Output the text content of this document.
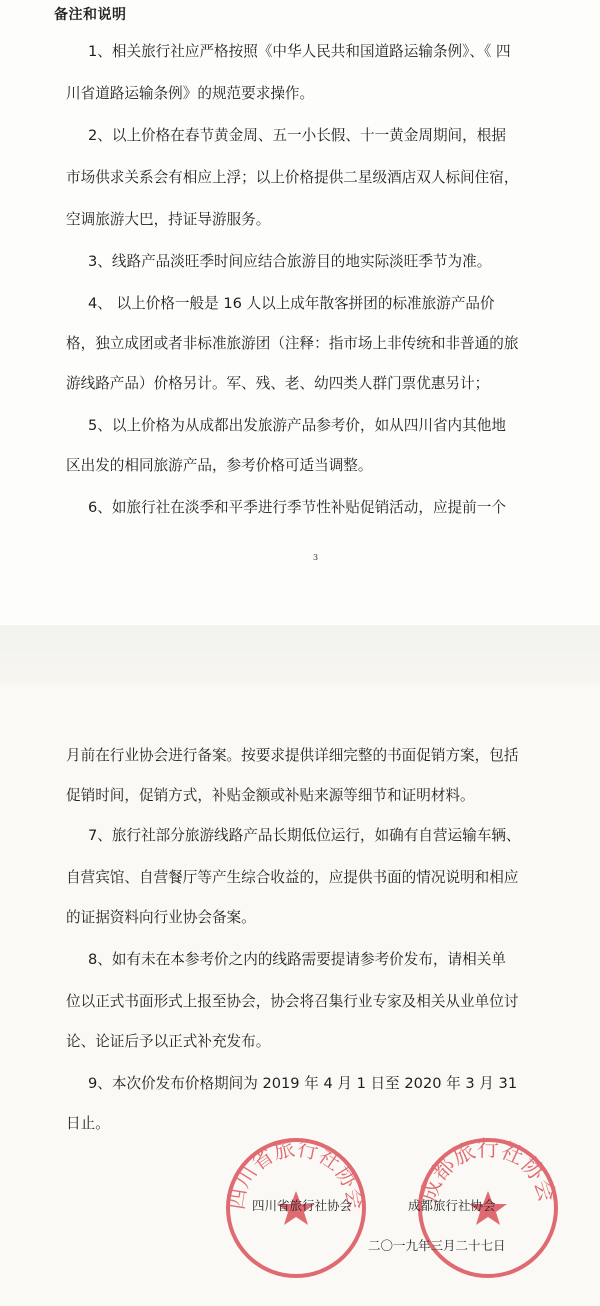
备注和说明
1、相关旅行社应严格按照《中华人民共和国道路运输条例》、《 四
川省道路运输条例》的规范要求操作。
2、以上价格在春节黄金周、五一小长假、十一黄金周期间，根据
市场供求关系会有相应上浮；以上价格提供二星级酒店双人标间住宿，
空调旅游大巴，持证导游服务。
3、线路产品淡旺季时间应结合旅游目的地实际淡旺季节为准。
4、 以上价格一般是 16 人以上成年散客拼团的标准旅游产品价
格，独立成团或者非标准旅游团（注释：指市场上非传统和非普通的旅
游线路产品）价格另计。军、残、老、幼四类人群门票优惠另计；
5、以上价格为从成都出发旅游产品参考价，如从四川省内其他地
区出发的相同旅游产品，参考价格可适当调整。
6、如旅行社在淡季和平季进行季节性补贴促销活动，应提前一个
3
月前在行业协会进行备案。按要求提供详细完整的书面促销方案，包括
促销时间，促销方式，补贴金额或补贴来源等细节和证明材料。
7、旅行社部分旅游线路产品长期低位运行，如确有自营运输车辆、
自营宾馆、自营餐厅等产生综合收益的，应提供书面的情况说明和相应
的证据资料向行业协会备案。
8、如有未在本参考价之内的线路需要提请参考价发布，请相关单
位以正式书面形式上报至协会，协会将召集行业专家及相关从业单位讨
论、论证后予以正式补充发布。
9、本次价发布价格期间为 2019 年 4 月 1 日至 2020 年 3 月 31
日止。
四川省旅行社协会 成都旅行社协会
四川省旅行社协会	成都旅行社协会
二〇一九年三月二十七日
